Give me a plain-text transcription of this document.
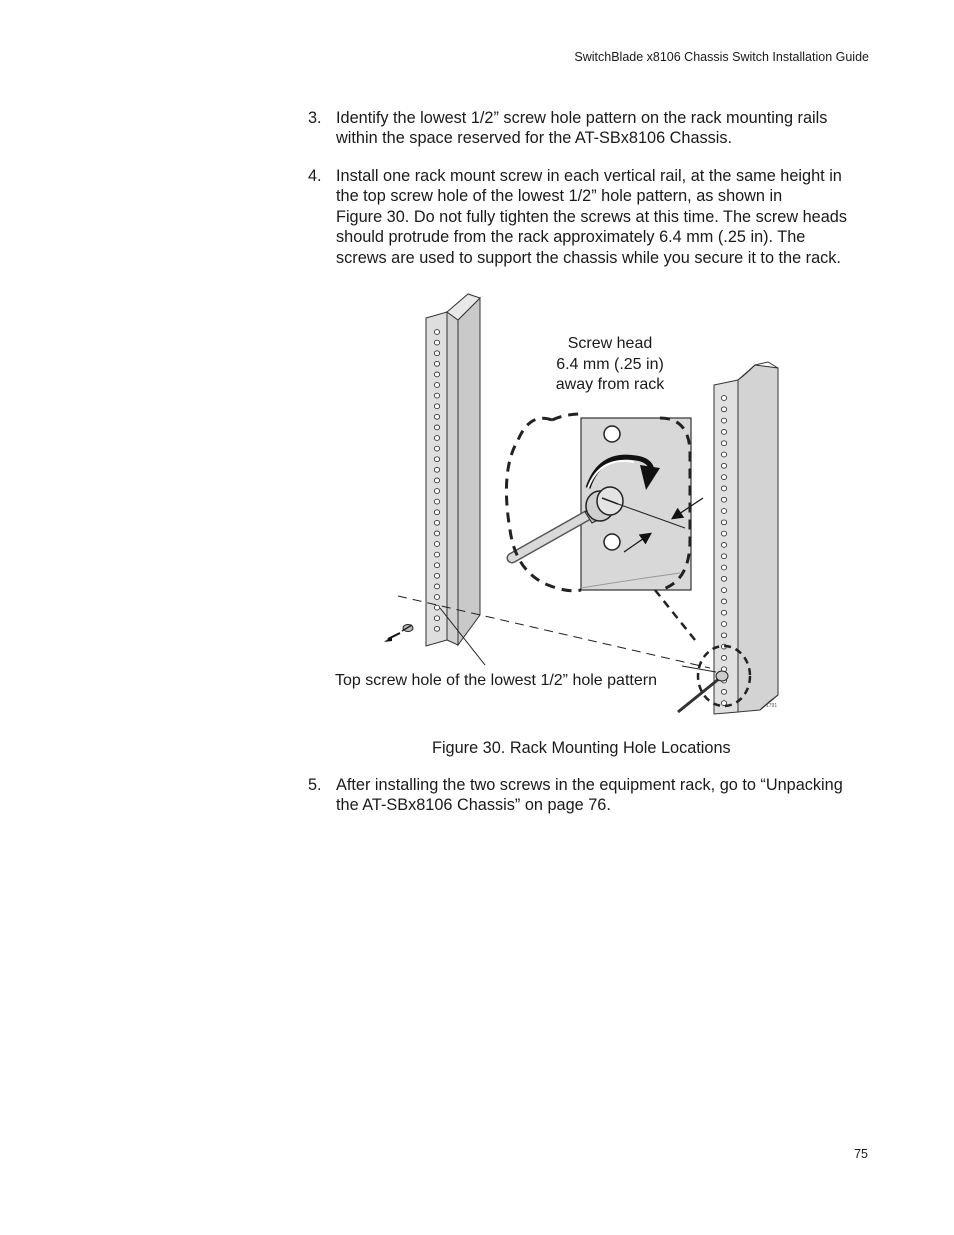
SwitchBlade x8106 Chassis Switch Installation Guide
3. Identify the lowest 1/2” screw hole pattern on the rack mounting rails
within the space reserved for the AT-SBx8106 Chassis.
4. Install one rack mount screw in each vertical rail, at the same height in
the top screw hole of the lowest 1/2” hole pattern, as shown in
Figure 30. Do not fully tighten the screws at this time. The screw heads
should protrude from the rack approximately 6.4 mm (.25 in). The
screws are used to support the chassis while you secure it to the rack.
1791
Screw head
6.4 mm (.25 in)
away from rack
Top screw hole of the lowest 1/2” hole pattern
Figure 30. Rack Mounting Hole Locations
5. After installing the two screws in the equipment rack, go to “Unpacking
the AT-SBx8106 Chassis” on page 76.
75
